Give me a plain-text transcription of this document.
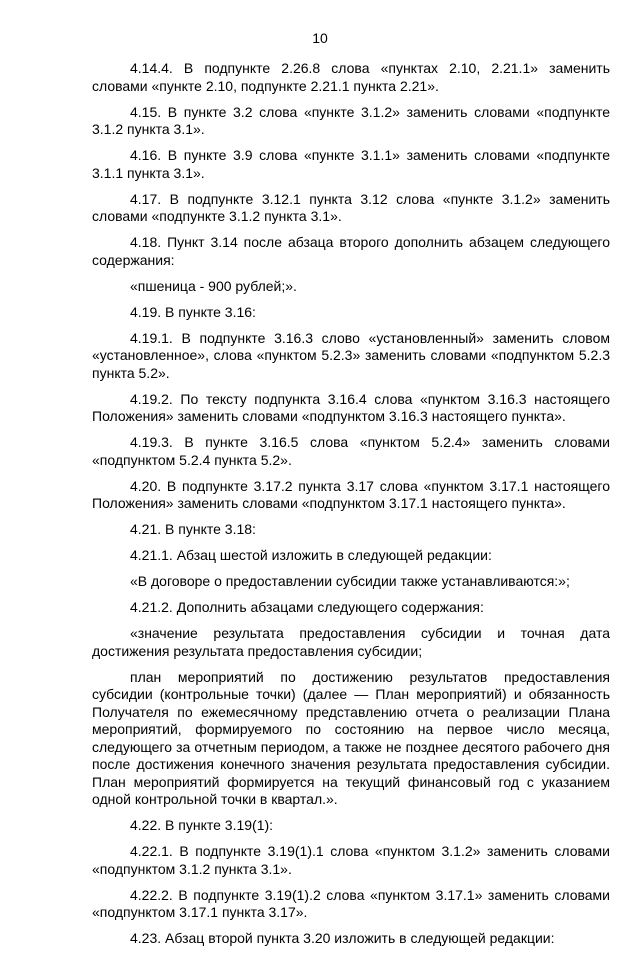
10

4.14.4. В подпункте 2.26.8 слова «пунктах 2.10, 2.21.1» заменить словами «пункте 2.10, подпункте 2.21.1 пункта 2.21».

4.15. В пункте 3.2 слова «пункте 3.1.2» заменить словами «подпункте 3.1.2 пункта 3.1».

4.16. В пункте 3.9 слова «пункте 3.1.1» заменить словами «подпункте 3.1.1 пункта 3.1».

4.17. В подпункте 3.12.1 пункта 3.12 слова «пункте 3.1.2» заменить словами «подпункте 3.1.2 пункта 3.1».

4.18. Пункт 3.14 после абзаца второго дополнить абзацем следующего содержания:

«пшеница - 900 рублей;».

4.19. В пункте 3.16:

4.19.1. В подпункте 3.16.3 слово «установленный» заменить словом «установленное», слова «пунктом 5.2.3» заменить словами «подпунктом 5.2.3 пункта 5.2».

4.19.2. По тексту подпункта 3.16.4 слова «пунктом 3.16.3 настоящего Положения» заменить словами «подпунктом 3.16.3 настоящего пункта».

4.19.3. В пункте 3.16.5 слова «пунктом 5.2.4» заменить словами «подпунктом 5.2.4 пункта 5.2».

4.20. В подпункте 3.17.2 пункта 3.17 слова «пунктом 3.17.1 настоящего Положения» заменить словами «подпунктом 3.17.1 настоящего пункта».

4.21. В пункте 3.18:

4.21.1. Абзац шестой изложить в следующей редакции:

«В договоре о предоставлении субсидии также устанавливаются:»;

4.21.2. Дополнить абзацами следующего содержания:

«значение результата предоставления субсидии и точная дата достижения результата предоставления субсидии;

план мероприятий по достижению результатов предоставления субсидии (контрольные точки) (далее — План мероприятий) и обязанность Получателя по ежемесячному представлению отчета о реализации Плана мероприятий, формируемого по состоянию на первое число месяца, следующего за отчетным периодом, а также не позднее десятого рабочего дня после достижения конечного значения результата предоставления субсидии. План мероприятий формируется на текущий финансовый год с указанием одной контрольной точки в квартал.».

4.22. В пункте 3.19(1):

4.22.1. В подпункте 3.19(1).1 слова «пунктом 3.1.2» заменить словами «подпунктом 3.1.2 пункта 3.1».

4.22.2. В подпункте 3.19(1).2 слова «пунктом 3.17.1» заменить словами «подпунктом 3.17.1 пункта 3.17».

4.23. Абзац второй пункта 3.20 изложить в следующей редакции:
